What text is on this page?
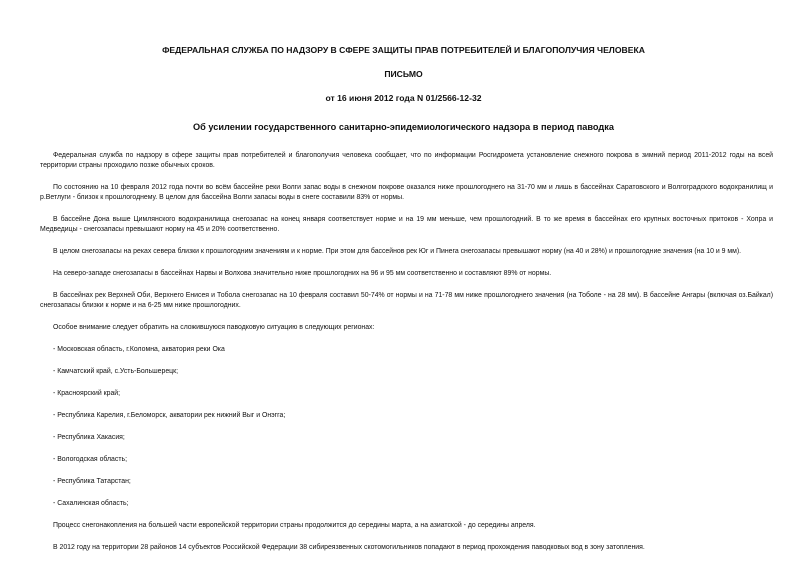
ФЕДЕРАЛЬНАЯ СЛУЖБА ПО НАДЗОРУ В СФЕРЕ ЗАЩИТЫ ПРАВ ПОТРЕБИТЕЛЕЙ И БЛАГОПОЛУЧИЯ ЧЕЛОВЕКА
ПИСЬМО
от 16 июня 2012 года N 01/2566-12-32
Об усилении государственного санитарно-эпидемиологического надзора в период паводка

Федеральная служба по надзору в сфере защиты прав потребителей и благополучия человека сообщает, что по информации Росгидромета установление снежного покрова в зимний период 2011-2012 годы на всей территории страны проходило позже обычных сроков.

По состоянию на 10 февраля 2012 года почти во всём бассейне реки Волги запас воды в снежном покрове оказался ниже прошлогоднего на 31-70 мм и лишь в бассейнах Саратовского и Волгоградского водохранилищ и р.Ветлуги - близок к прошлогоднему. В целом для бассейна Волги запасы воды в снеге составили 83% от нормы.

В бассейне Дона выше Цимлянского водохранилища снегозапас на конец января соответствует норме и на 19 мм меньше, чем прошлогодний. В то же время в бассейнах его крупных восточных притоков - Хопра и Медведицы - снегозапасы превышают норму на 45 и 20% соответственно.

В целом снегозапасы на реках севера близки к прошлогодним значениям и к норме. При этом для бассейнов рек Юг и Пинега снегозапасы превышают норму (на 40 и 28%) и прошлогодние значения (на 10 и 9 мм).

На северо-западе снегозапасы в бассейнах Нарвы и Волхова значительно ниже прошлогодних на 96 и 95 мм соответственно и составляют 89% от нормы.

В бассейнах рек Верхней Оби, Верхнего Енисея и Тобола снегозапас на 10 февраля составил 50-74% от нормы и на 71-78 мм ниже прошлогоднего значения (на Тоболе - на 28 мм). В бассейне Ангары (включая оз.Байкал) снегозапасы близки к норме и на 6-25 мм ниже прошлогодних.

Особое внимание следует обратить на сложившуюся паводковую ситуацию в следующих регионах:

- Московская область, г.Коломна, акватория реки Ока

- Камчатский край, с.Усть-Большерецк;

- Красноярский край;

- Республика Карелия, г.Беломорск, акватории рек нижний Выг и Онэгга;

- Республика Хакасия;

- Вологодская область;

- Республика Татарстан;

- Сахалинская область;

Процесс снегонакопления на большей части европейской территории страны продолжится до середины марта, а на азиатской - до середины апреля.

В 2012 году на территории 28 районов 14 субъектов Российской Федерации 38 сибиреязвенных скотомогильников попадают в период прохождения паводковых вод в зону затопления.
